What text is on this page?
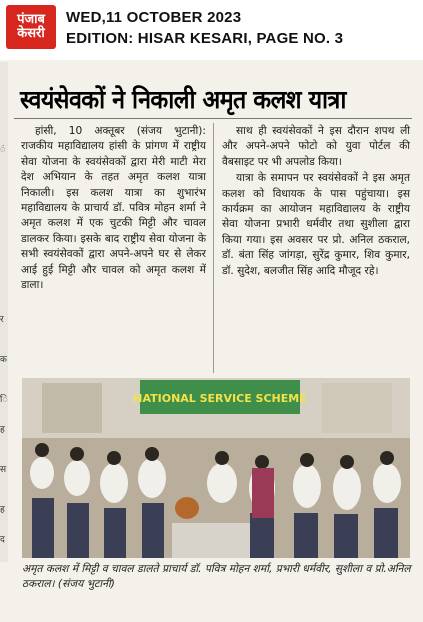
पंजाब
केसरी
WED,11 OCTOBER 2023
EDITION: HISAR KESARI, PAGE NO. 3
ं
र
क
ि
ह
स
ह
द
स्वयंसेवकों ने निकाली अमृत कलश यात्रा

हांसी, 10 अक्तूबर (संजय भुटानी): राजकीय महाविद्यालय हांसी के प्रांगण में राष्ट्रीय सेवा योजना के स्वयंसेवकों द्वारा मेरी माटी मेरा देश अभियान के तहत अमृत कलश यात्रा निकाली। इस कलश यात्रा का शुभारंभ महाविद्यालय के प्राचार्य डॉ. पवित्र मोहन शर्मा ने अमृत कलश में एक चुटकी मिट्टी और चावल डालकर किया। इसके बाद राष्ट्रीय सेवा योजना के सभी स्वयंसेवकों द्वारा अपने-अपने घर से लेकर आई हुई मिट्टी और चावल को अमृत कलश में डाला।

साथ ही स्वयंसेवकों ने इस दौरान शपथ ली और अपने-अपने फोटो को युवा पोर्टल की वैबसाइट पर भी अपलोड किया।

यात्रा के समापन पर स्वयंसेवकों ने इस अमृत कलश को विधायक के पास पहुंचाया। इस कार्यक्रम का आयोजन महाविद्यालय के राष्ट्रीय सेवा योजना प्रभारी धर्मवीर तथा सुशीला द्वारा किया गया। इस अवसर पर प्रो. अनिल ठकराल, डॉ. बंता सिंह जांगड़ा, सुरेंद्र कुमार, शिव कुमार, डॉ. सुदेश, बलजीत सिंह आदि मौजूद रहे।

NATIONAL SERVICE SCHEME
अमृत कलश में मिट्टी व चावल डालते प्राचार्य डॉ. पवित्र मोहन शर्मा, प्रभारी धर्मवीर, सुशीला व प्रो.अनिल ठकराल। (संजय भुटानी)
